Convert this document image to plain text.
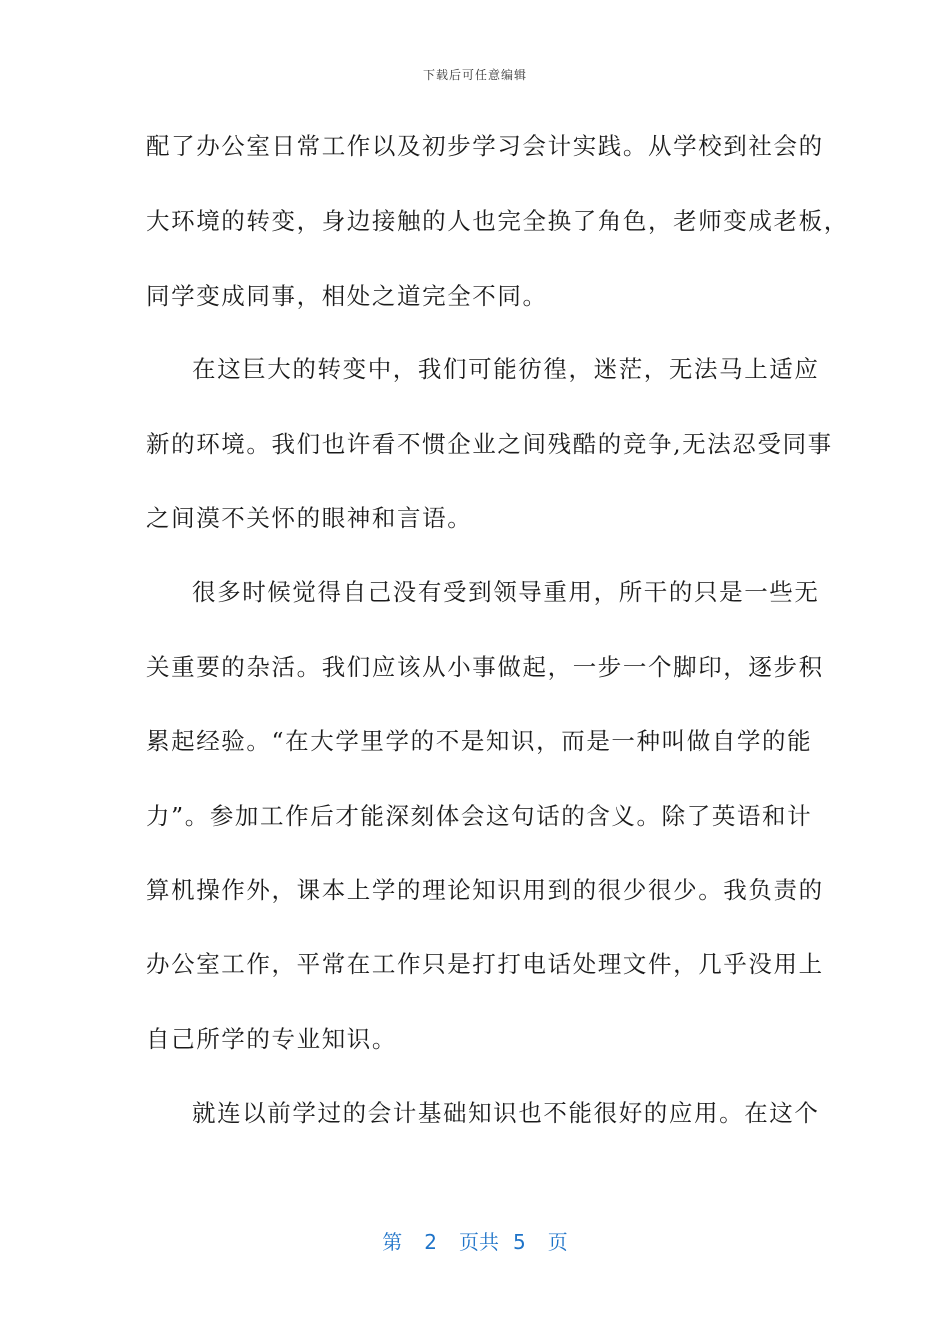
下载后可任意编辑
配了办公室日常工作以及初步学习会计实践。从学校到社会的
大环境的转变，身边接触的人也完全换了角色，老师变成老板，
同学变成同事，相处之道完全不同。
在这巨大的转变中，我们可能彷徨，迷茫，无法马上适应
新的环境。我们也许看不惯企业之间残酷的竞争,无法忍受同事
之间漠不关怀的眼神和言语。
很多时候觉得自己没有受到领导重用，所干的只是一些无
关重要的杂活。我们应该从小事做起，一步一个脚印，逐步积
累起经验。“在大学里学的不是知识，而是一种叫做自学的能
力”。参加工作后才能深刻体会这句话的含义。除了英语和计
算机操作外，课本上学的理论知识用到的很少很少。我负责的
办公室工作，平常在工作只是打打电话处理文件，几乎没用上
自己所学的专业知识。
就连以前学过的会计基础知识也不能很好的应用。在这个
第 2 页共 5 页
